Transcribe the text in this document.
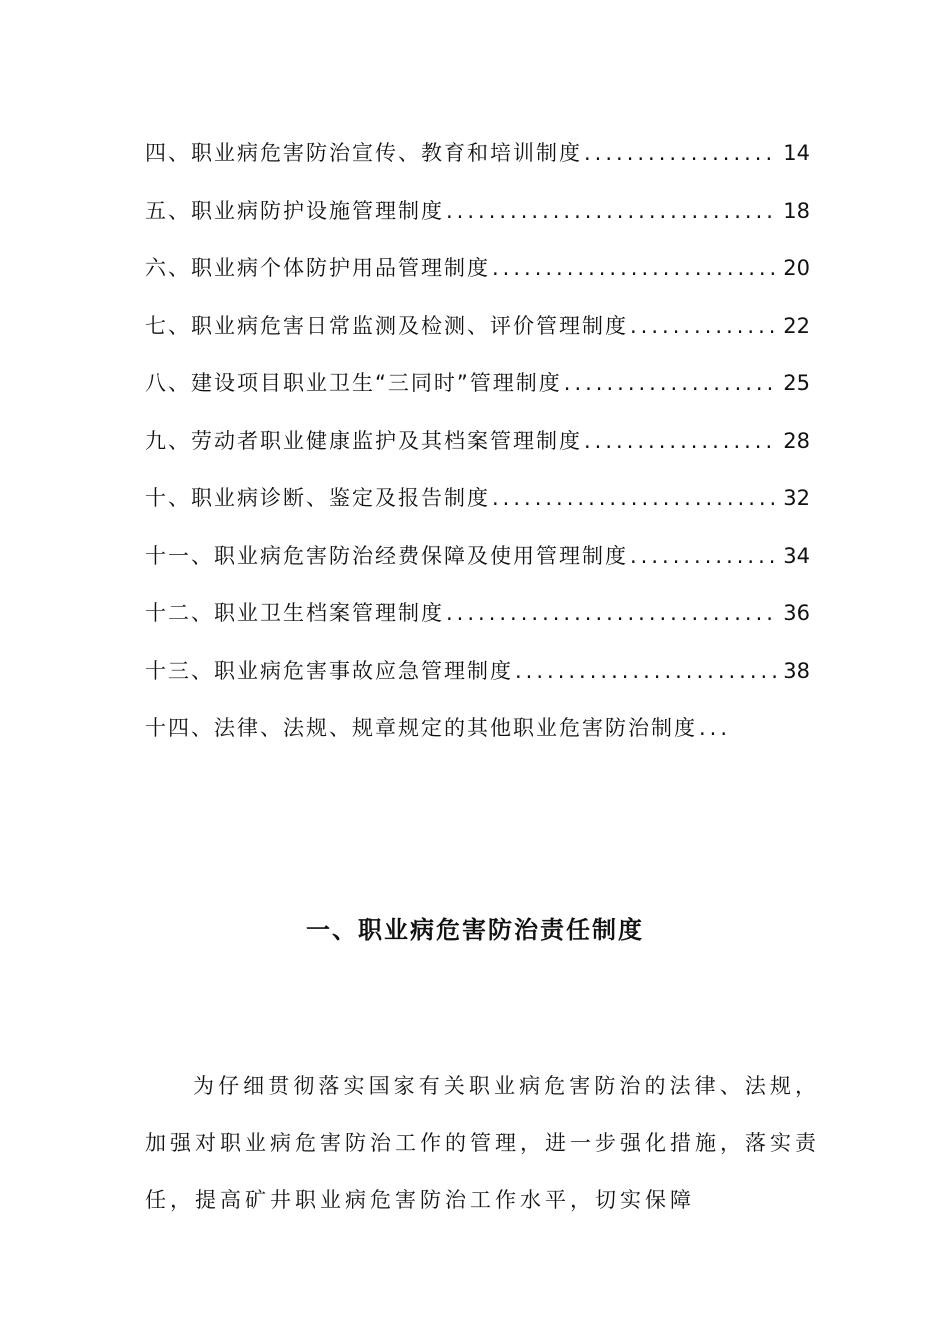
四、职业病危害防治宣传、教育和培训制度 .....	14
五、职业病防护设施管理制度 .....	18
六、职业病个体防护用品管理制度 .....	20
七、职业病危害日常监测及检测、评价管理制度 .....	22
八、建设项目职业卫生“三同时”管理制度 .....	25
九、劳动者职业健康监护及其档案管理制度 .....	28
十、职业病诊断、鉴定及报告制度 .....	32
十一、职业病危害防治经费保障及使用管理制度 .....	34
十二、职业卫生档案管理制度 .....	36
十三、职业病危害事故应急管理制度 .....	38
十四、法律、法规、规章规定的其他职业危害防治制度
...
一、职业病危害防治责任制度

为仔细贯彻落实国家有关职业病危害防治的法律、法规，加强对职业病危害防治工作的管理，进一步强化措施，落实责任，提高矿井职业病危害防治工作水平，切实保障
